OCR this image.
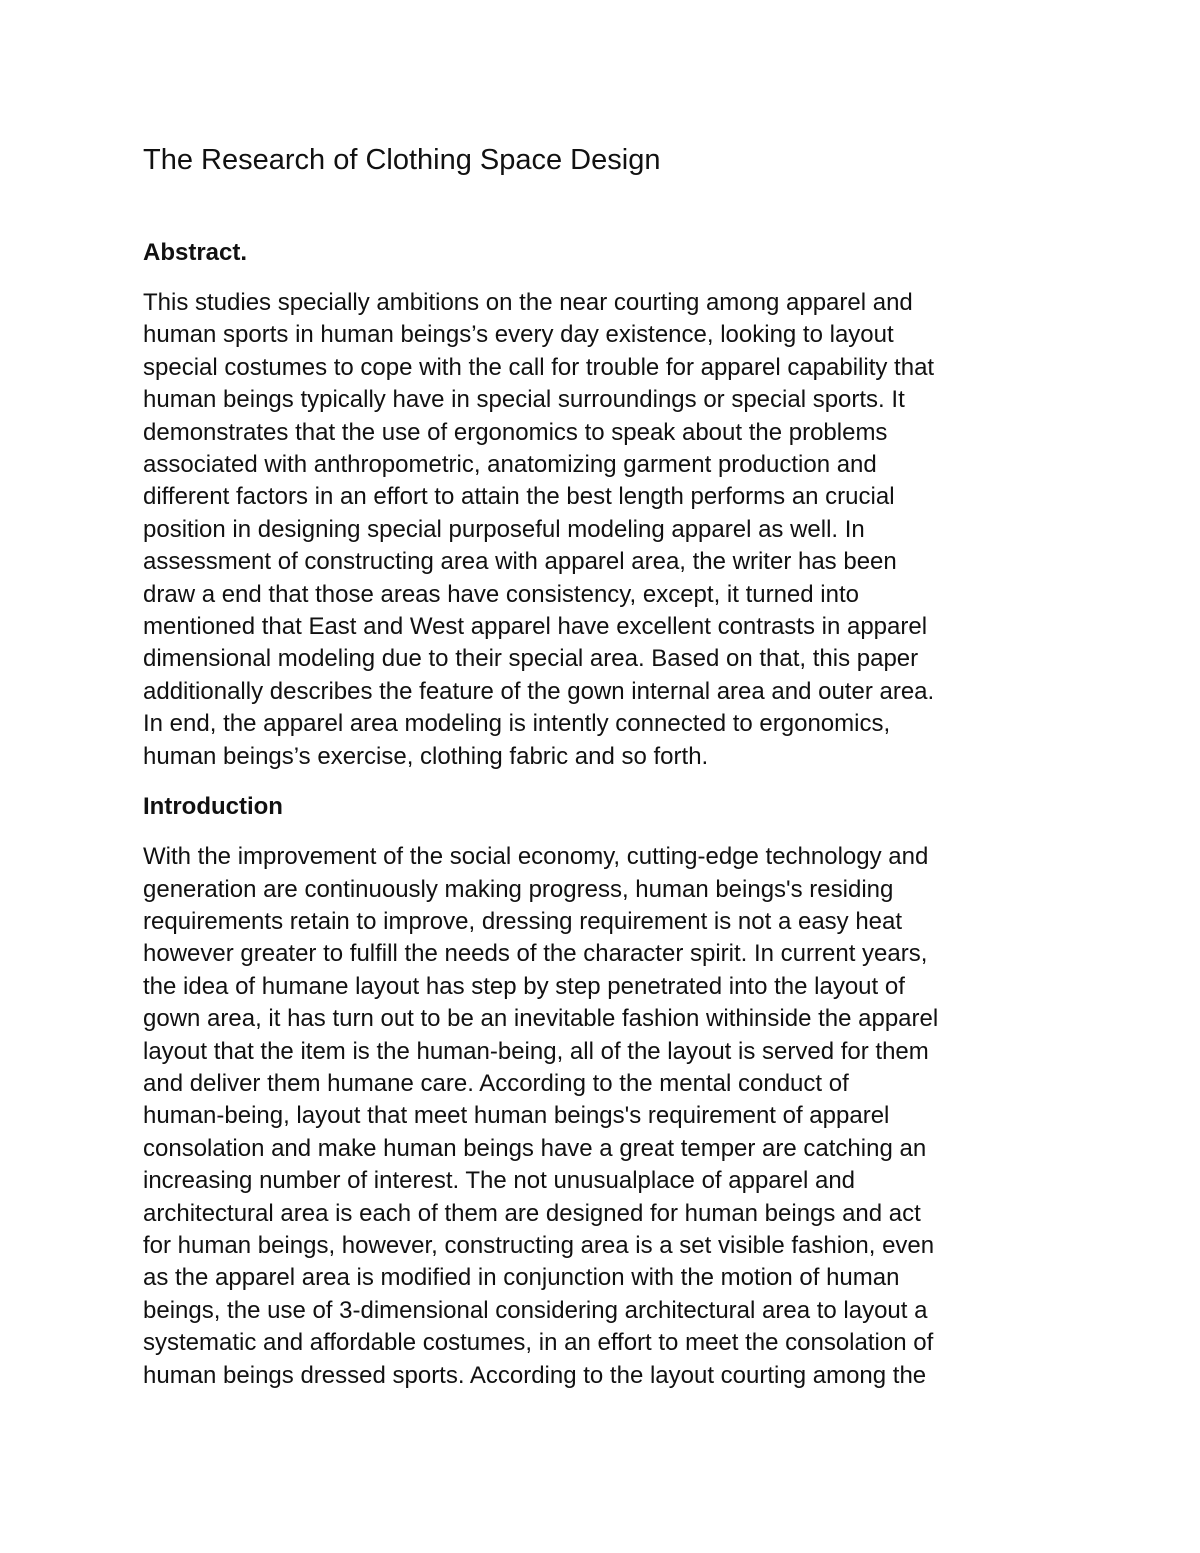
The Research of Clothing Space Design
Abstract.

This studies specially ambitions on the near courting among apparel and
human sports in human beings’s every day existence, looking to layout
special costumes to cope with the call for trouble for apparel capability that
human beings typically have in special surroundings or special sports. It
demonstrates that the use of ergonomics to speak about the problems
associated with anthropometric, anatomizing garment production and
different factors in an effort to attain the best length performs an crucial
position in designing special purposeful modeling apparel as well. In
assessment of constructing area with apparel area, the writer has been
draw a end that those areas have consistency, except, it turned into
mentioned that East and West apparel have excellent contrasts in apparel
dimensional modeling due to their special area. Based on that, this paper
additionally describes the feature of the gown internal area and outer area.
In end, the apparel area modeling is intently connected to ergonomics,
human beings’s exercise, clothing fabric and so forth.

Introduction

With the improvement of the social economy, cutting-edge technology and
generation are continuously making progress, human beings's residing
requirements retain to improve, dressing requirement is not a easy heat
however greater to fulfill the needs of the character spirit. In current years,
the idea of humane layout has step by step penetrated into the layout of
gown area, it has turn out to be an inevitable fashion withinside the apparel
layout that the item is the human-being, all of the layout is served for them
and deliver them humane care. According to the mental conduct of
human-being, layout that meet human beings's requirement of apparel
consolation and make human beings have a great temper are catching an
increasing number of interest. The not unusualplace of apparel and
architectural area is each of them are designed for human beings and act
for human beings, however, constructing area is a set visible fashion, even
as the apparel area is modified in conjunction with the motion of human
beings, the use of 3-dimensional considering architectural area to layout a
systematic and affordable costumes, in an effort to meet the consolation of
human beings dressed sports. According to the layout courting among the
